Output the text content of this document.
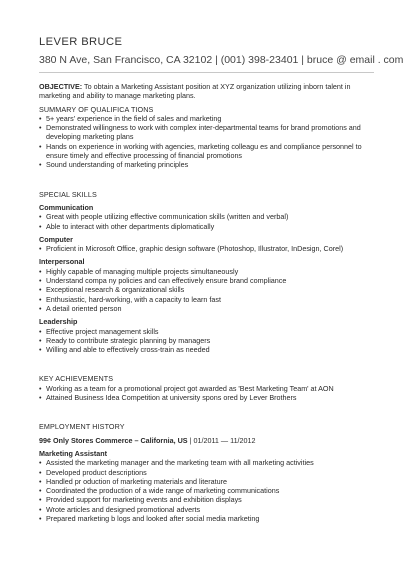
LEVER BRUCE
380 N Ave, San Francisco, CA 32102 | (001) 398-23401 | bruce @ email . com

OBJECTIVE: To obtain a Marketing Assistant position at XYZ organization utilizing inborn talent in marketing and ability to manage marketing plans.

SUMMARY OF QUALIFICA TIONS

• 5+ years' experience in the field of sales and marketing
• Demonstrated willingness to work with complex inter-departmental teams for brand promotions and developing marketing plans
• Hands on experience in working with agencies, marketing colleagu es and compliance personnel to ensure timely and effective processing of financial promotions
• Sound understanding of marketing principles

SPECIAL SKILLS

Communication

• Great with people utilizing effective communication skills (written and verbal)
• Able to interact with other departments diplomatically

Computer

• Proficient in Microsoft Office, graphic design software (Photoshop, Illustrator, InDesign, Corel)

Interpersonal

• Highly capable of managing multiple projects simultaneously
• Understand compa ny policies and can effectively ensure brand compliance
• Exceptional research & organizational skills
• Enthusiastic, hard-working, with a capacity to learn fast
• A detail oriented person

Leadership

• Effective project management skills
• Ready to contribute strategic planning by managers
• Willing and able to effectively cross-train as needed

KEY ACHIEVEMENTS

• Working as a team for a promotional project got awarded as 'Best Marketing Team' at AON
• Attained Business Idea Competition at university spons ored by Lever Brothers

EMPLOYMENT HISTORY

99¢ Only Stores Commerce – California, US | 01/2011 — 11/2012

Marketing Assistant

• Assisted the marketing manager and the marketing team with all marketing activities
• Developed product descriptions
• Handled pr oduction of marketing materials and literature
• Coordinated the production of a wide range of marketing communications
• Provided support for marketing events and exhibition displays
• Wrote articles and designed promotional adverts
• Prepared marketing b logs and looked after social media marketing
